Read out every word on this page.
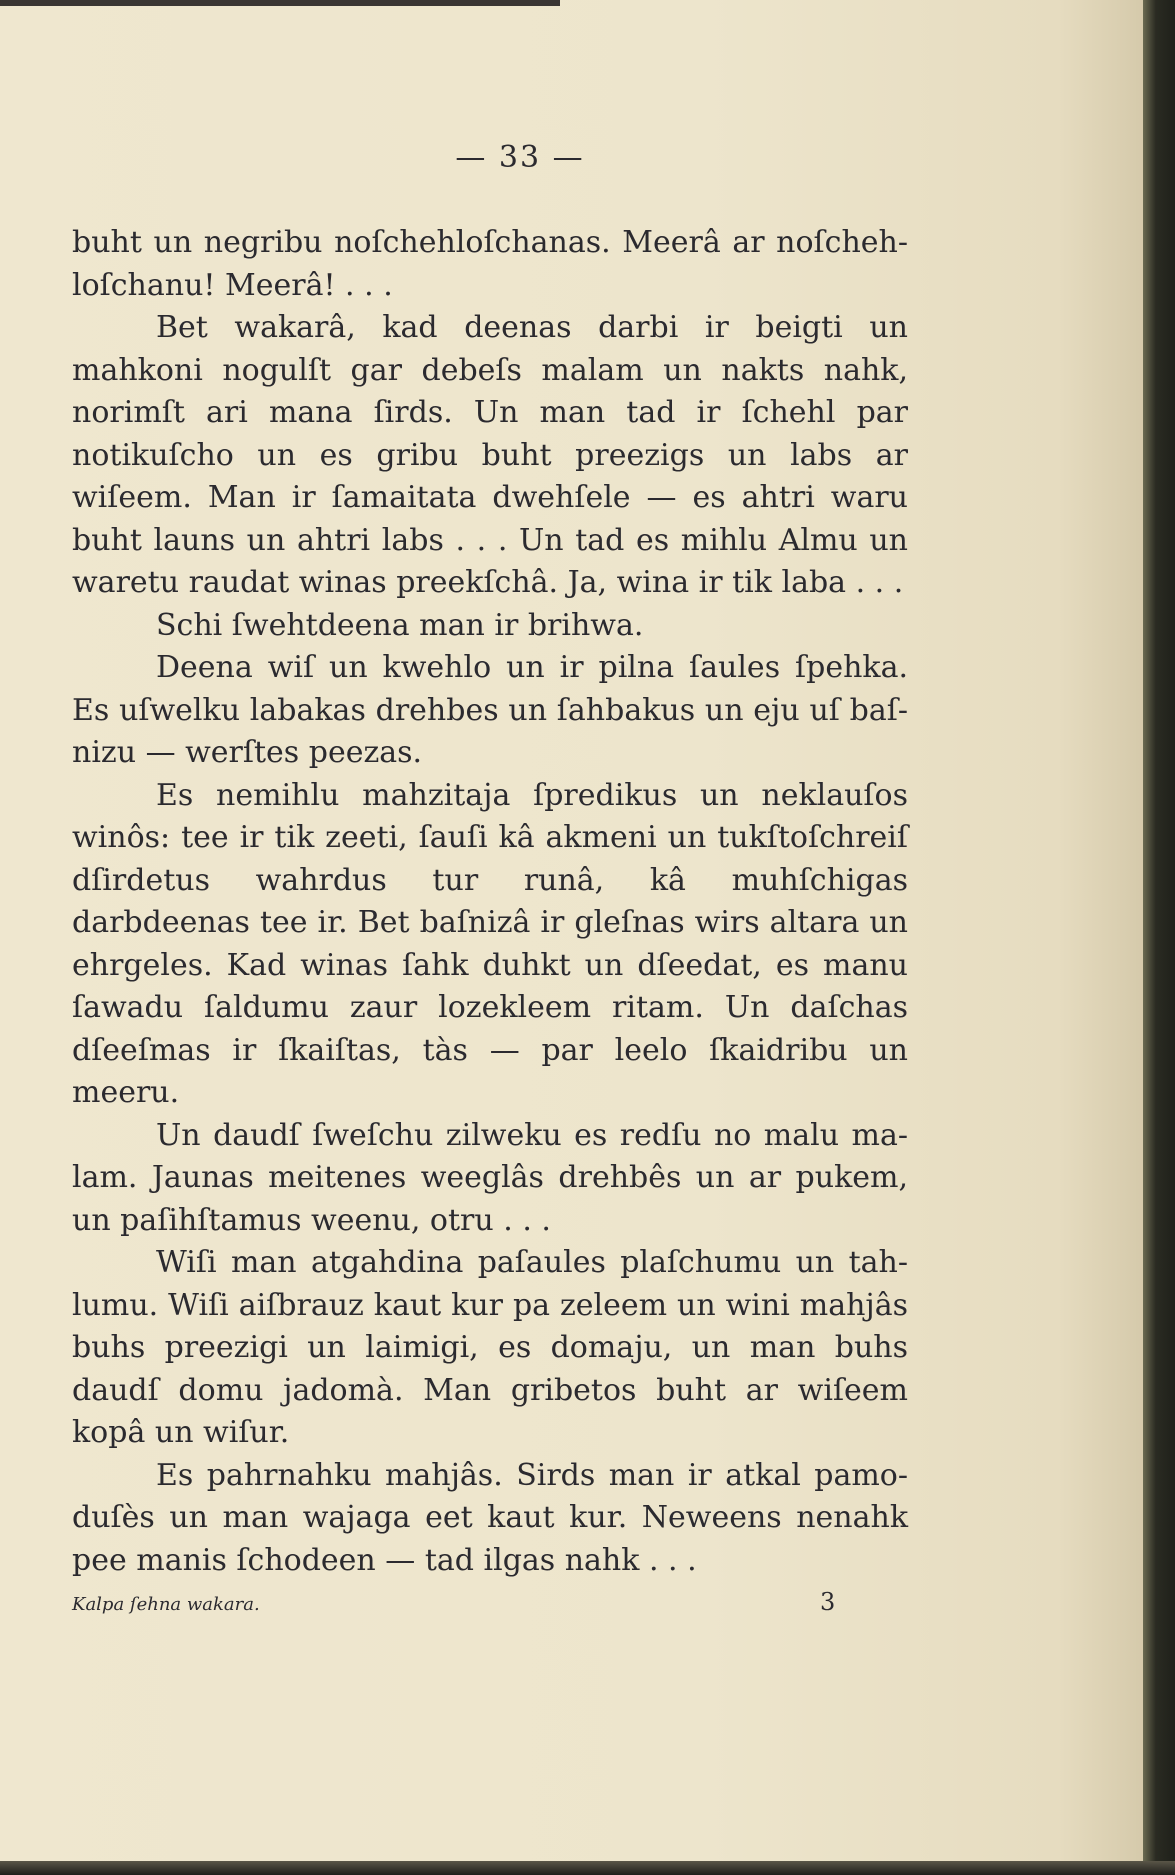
— 33 —

buht un negribu noſchehloſchanas. Meerâ ar noſcheh-loſchanu! Meerâ! . . .

Bet wakarâ, kad deenas darbi ir beigti un mahkoni nogulſt gar debeſs malam un nakts nahk, norimſt ari mana ſirds. Un man tad ir ſchehl par notikuſcho un es gribu buht preezigs un labs ar wiſeem. Man ir ſamaitata dwehſele — es ahtri waru buht launs un ahtri labs . . . Un tad es mihlu Almu un waretu raudat winas preekſchâ. Ja, wina ir tik laba . . .

Schi ſwehtdeena man ir brihwa.

Deena wiſ un kwehlo un ir pilna ſaules ſpehka. Es uſwelku labakas drehbes un ſahbakus un eju uſ baſ-nizu — werſtes peezas.

Es nemihlu mahzitaja ſpredikus un neklauſos winôs: tee ir tik zeeti, ſauſi kâ akmeni un tukſtoſchreiſ dſirdetus wahrdus tur runâ, kâ muhſchigas darbdeenas tee ir. Bet baſnizâ ir gleſnas wirs altara un ehrgeles. Kad winas ſahk duhkt un dſeedat, es manu ſawadu ſaldumu zaur lozekleem ritam. Un daſchas dſeeſmas ir ſkaiſtas, tàs — par leelo ſkaidribu un meeru.

Un daudſ ſweſchu zilweku es redſu no malu ma-lam. Jaunas meitenes weeglâs drehbês un ar pukem, un paſihſtamus weenu, otru . . .

Wiſi man atgahdina paſaules plaſchumu un tah-lumu. Wiſi aiſbrauz kaut kur pa zeleem un wini mahjâs buhs preezigi un laimigi, es domaju, un man buhs daudſ domu jadomà. Man gribetos buht ar wiſeem kopâ un wiſur.

Es pahrnahku mahjâs. Sirds man ir atkal pamo-duſès un man wajaga eet kaut kur. Neweens nenahk pee manis ſchodeen — tad ilgas nahk . . .

Kalpa ſehna wakara.	3
